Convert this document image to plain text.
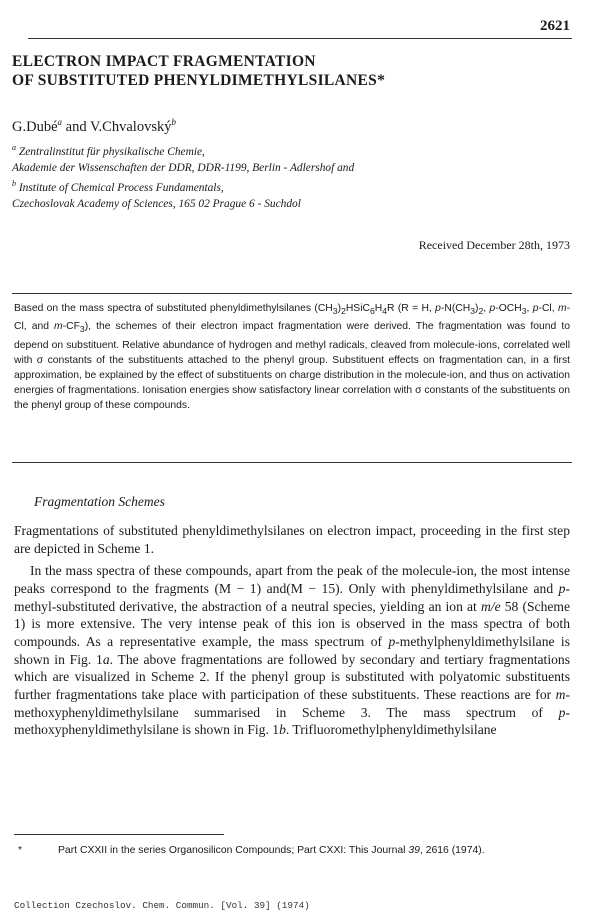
2621
ELECTRON IMPACT FRAGMENTATION
OF SUBSTITUTED PHENYLDIMETHYLSILANES*
G.Dubé$^a$ and V.Chvalovský$^b$
$^a$ Zentralinstitut für physikalische Chemie,
Akademie der Wissenschaften der DDR, DDR-1199, Berlin - Adlershof and
$^b$ Institute of Chemical Process Fundamentals,
Czechoslovak Academy of Sciences, 165 02 Prague 6 - Suchdol
Received December 28th, 1973

Based on the mass spectra of substituted phenyldimethylsilanes $(CH_3)_2HSiC_6H_4R$ (R = H, $p-N(CH_3)_2$, $p-OCH_3$, p-Cl, m-Cl, and $m-CF_3$), the schemes of their electron impact fragmentation were derived. The fragmentation was found to depend on substituent. Relative abundance of hydrogen and methyl radicals, cleaved from molecule-ions, correlated well with σ constants of the substituents attached to the phenyl group. Substituent effects on fragmentation can, in a first approximation, be explained by the effect of substituents on charge distribution in the molecule-ion, and thus on activation energies of fragmentations. Ionisation energies show satisfactory linear correlation with σ constants of the substituents on the phenyl group of these compounds.

Fragmentation Schemes

Fragmentations of substituted phenyldimethylsilanes on electron impact, proceeding in the first step are depicted in Scheme 1.

In the mass spectra of these compounds, apart from the peak of the molecule-ion, the most intense peaks correspond to the fragments (M − 1) and(M − 15). Only with phenyldimethylsilane and p-methyl-substituted derivative, the abstraction of a neutral species, yielding an ion at m/e 58 (Scheme 1) is more extensive. The very intense peak of this ion is observed in the mass spectra of both compounds. As a representative example, the mass spectrum of p-methylphenyldimethylsilane is shown in Fig. 1a. The above fragmentations are followed by secondary and tertiary fragmentations which are visualized in Scheme 2. If the phenyl group is substituted with polyatomic substituents further fragmentations take place with participation of these substituents. These reactions are for m-methoxyphenyldimethylsilane summarised in Scheme 3. The mass spectrum of p-methoxyphenyldimethylsilane is shown in Fig. 1b. Trifluoromethylphenyldimethylsilane

*	Part CXXII in the series Organosilicon Compounds; Part CXXI: This Journal 39, 2616 (1974).
Collection Czechoslov. Chem. Commun. [Vol. 39] (1974)
